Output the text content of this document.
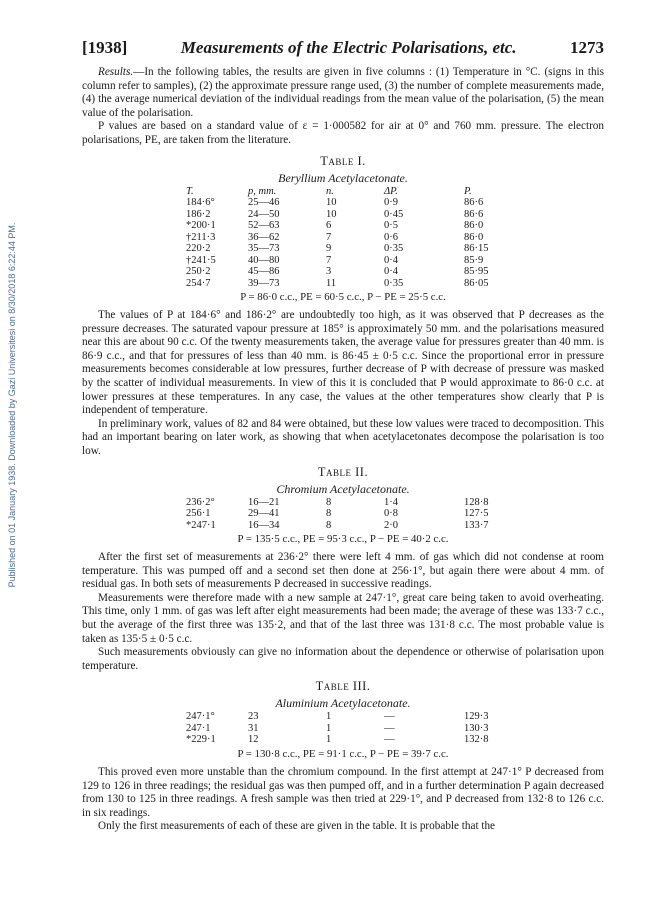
Published on 01 January 1938. Downloaded by Gazi Universitesi on 8/30/2018 6:22:44 PM.
[1938]	Measurements of the Electric Polarisations, etc.	1273

Results.—In the following tables, the results are given in five columns : (1) Temperature in °C. (signs in this column refer to samples), (2) the approximate pressure range used, (3) the number of complete measurements made, (4) the average numerical deviation of the individual readings from the mean value of the polarisation, (5) the mean value of the polarisation.

P values are based on a standard value of ε = 1·000582 for air at 0° and 760 mm. pressure. The electron polarisations, PE, are taken from the literature.

Table I.
Beryllium Acetylacetonate.
T.	p, mm.	n.	ΔP.	P.
184·6°	25—46	10	0·9	86·6
186·2	24—50	10	0·45	86·6
*200·1	52—63	6	0·5	86·0
†211·3	36—62	7	0·6	86·0
220·2	35—73	9	0·35	86·15
†241·5	40—80	7	0·4	85·9
250·2	45—86	3	0·4	85·95
254·7	39—73	11	0·35	86·05
P = 86·0 c.c., PE = 60·5 c.c., P − PE = 25·5 c.c.

The values of P at 184·6° and 186·2° are undoubtedly too high, as it was observed that P decreases as the pressure decreases. The saturated vapour pressure at 185° is approximately 50 mm. and the polarisations measured near this are about 90 c.c. Of the twenty measurements taken, the average value for pressures greater than 40 mm. is 86·9 c.c., and that for pressures of less than 40 mm. is 86·45 ± 0·5 c.c. Since the proportional error in pressure measurements becomes considerable at low pressures, further decrease of P with decrease of pressure was masked by the scatter of individual measurements. In view of this it is concluded that P would approximate to 86·0 c.c. at lower pressures at these temperatures. In any case, the values at the other temperatures show clearly that P is independent of temperature.

In preliminary work, values of 82 and 84 were obtained, but these low values were traced to decomposition. This had an important bearing on later work, as showing that when acetylacetonates decompose the polarisation is too low.

Table II.
Chromium Acetylacetonate.
236·2°	16—21	8	1·4	128·8
256·1	29—41	8	0·8	127·5
*247·1	16—34	8	2·0	133·7
P = 135·5 c.c., PE = 95·3 c.c., P − PE = 40·2 c.c.

After the first set of measurements at 236·2° there were left 4 mm. of gas which did not condense at room temperature. This was pumped off and a second set then done at 256·1°, but again there were about 4 mm. of residual gas. In both sets of measurements P decreased in successive readings.

Measurements were therefore made with a new sample at 247·1°, great care being taken to avoid overheating. This time, only 1 mm. of gas was left after eight measurements had been made; the average of these was 133·7 c.c., but the average of the first three was 135·2, and that of the last three was 131·8 c.c. The most probable value is taken as 135·5 ± 0·5 c.c.

Such measurements obviously can give no information about the dependence or otherwise of polarisation upon temperature.

Table III.
Aluminium Acetylacetonate.
247·1°	23	1	—	129·3
247·1	31	1	—	130·3
*229·1	12	1	—	132·8
P = 130·8 c.c., PE = 91·1 c.c., P − PE = 39·7 c.c.

This proved even more unstable than the chromium compound. In the first attempt at 247·1° P decreased from 129 to 126 in three readings; the residual gas was then pumped off, and in a further determination P again decreased from 130 to 125 in three readings. A fresh sample was then tried at 229·1°, and P decreased from 132·8 to 126 c.c. in six readings.

Only the first measurements of each of these are given in the table. It is probable that the
